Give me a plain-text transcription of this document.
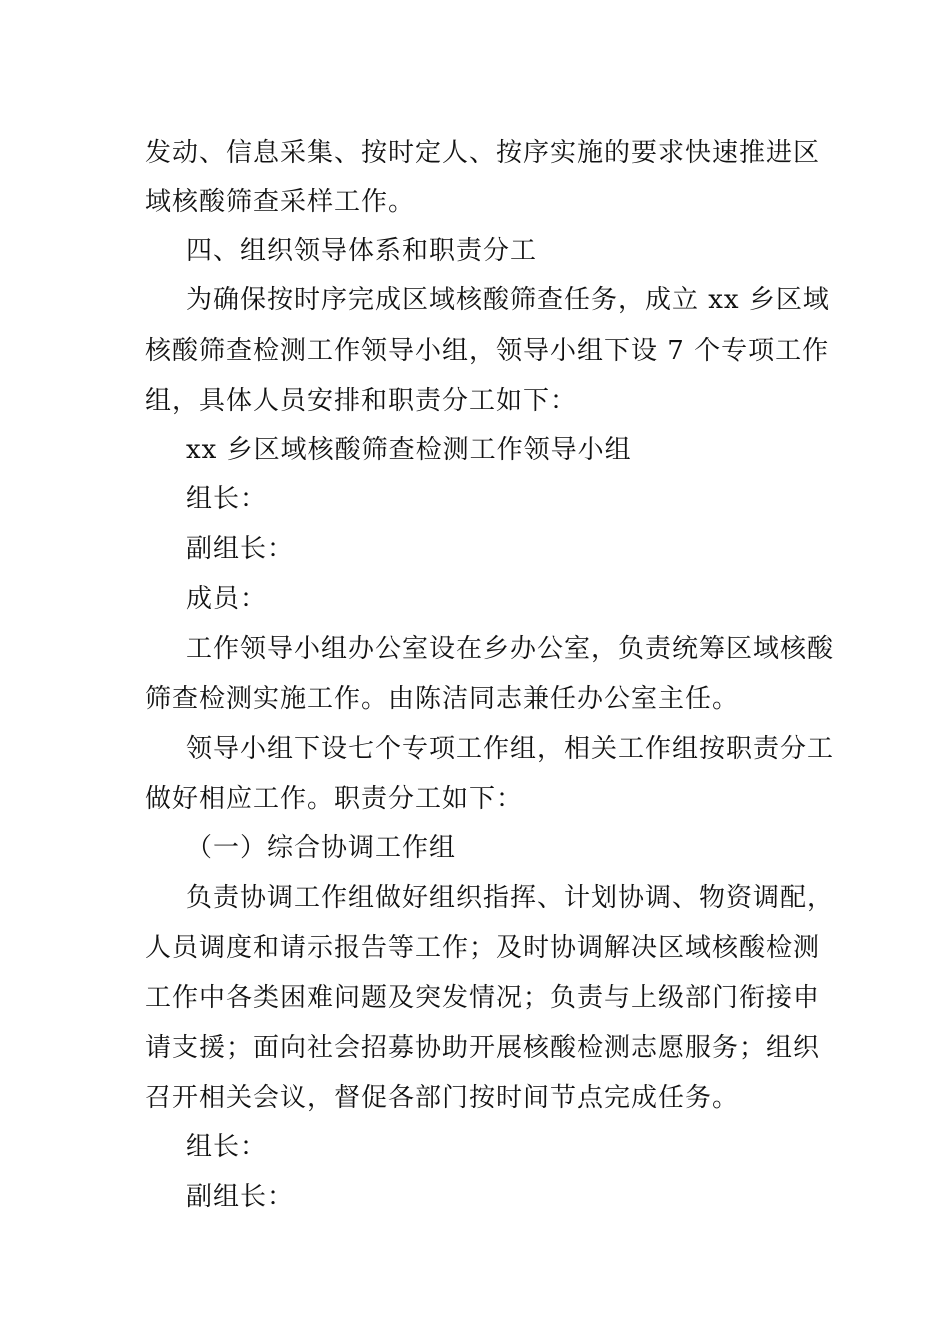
发动、信息采集、按时定人、按序实施的要求快速推进区
域核酸筛查采样工作。
四、组织领导体系和职责分工
为确保按时序完成区域核酸筛查任务，成立 xx 乡区域
核酸筛查检测工作领导小组，领导小组下设 7 个专项工作
组，具体人员安排和职责分工如下：
xx 乡区域核酸筛查检测工作领导小组
组长：
副组长：
成员：
工作领导小组办公室设在乡办公室，负责统筹区域核酸
筛查检测实施工作。由陈洁同志兼任办公室主任。
领导小组下设七个专项工作组，相关工作组按职责分工
做好相应工作。职责分工如下：
（一）综合协调工作组
负责协调工作组做好组织指挥、计划协调、物资调配，
人员调度和请示报告等工作；及时协调解决区域核酸检测
工作中各类困难问题及突发情况；负责与上级部门衔接申
请支援；面向社会招募协助开展核酸检测志愿服务；组织
召开相关会议，督促各部门按时间节点完成任务。
组长：
副组长：
